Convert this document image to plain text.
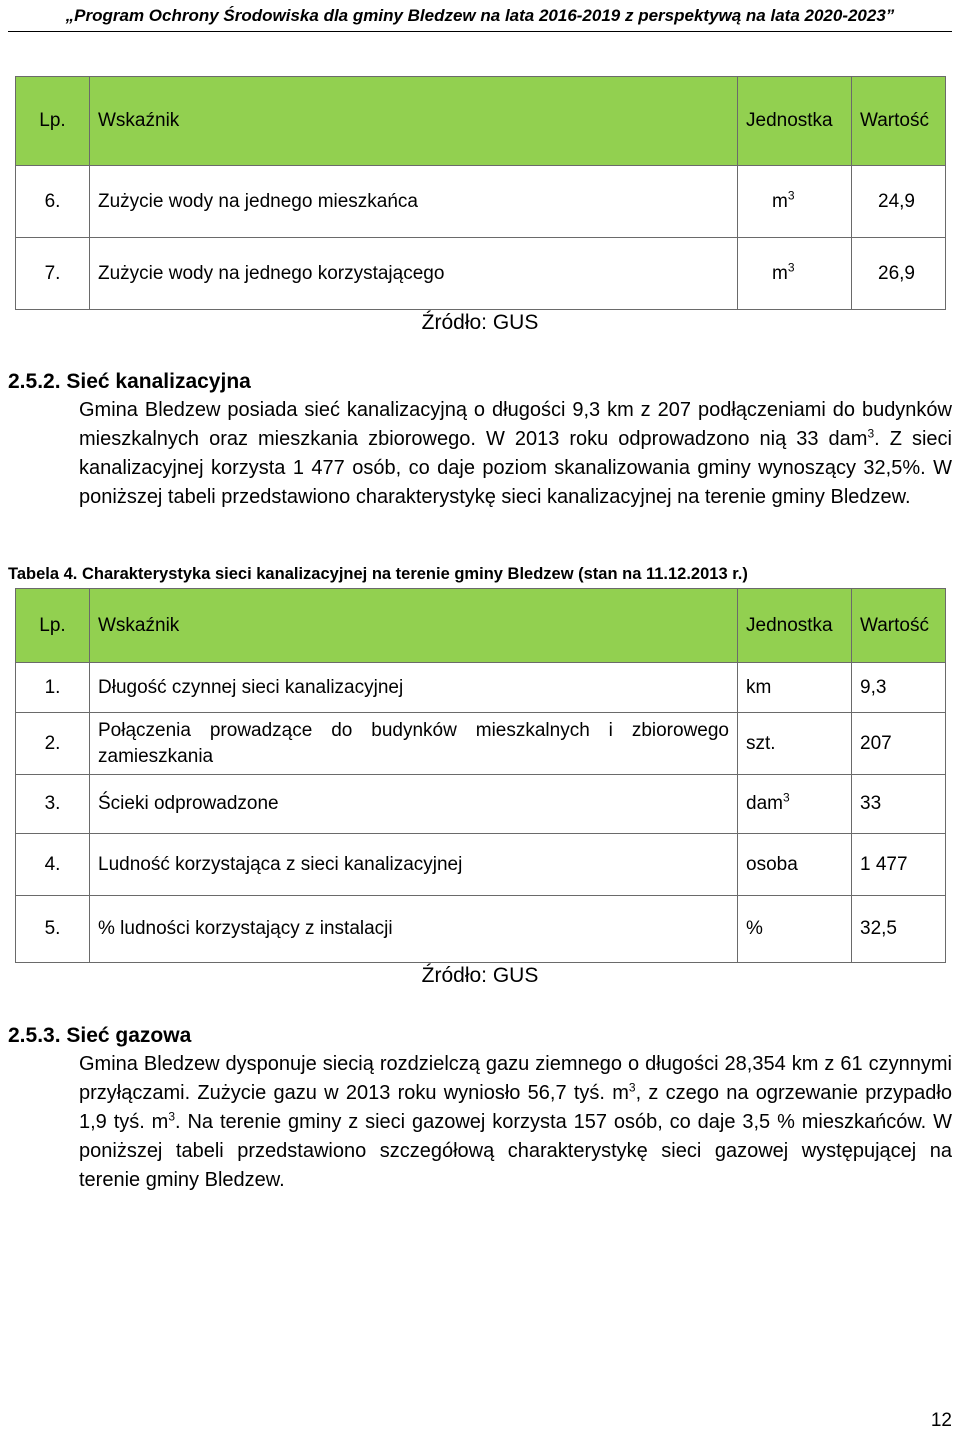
„Program Ochrony Środowiska dla gminy Bledzew na lata 2016-2019 z perspektywą na lata 2020-2023”
Lp.	Wskaźnik	Jednostka	Wartość
6.	Zużycie wody na jednego mieszkańca	$m^3$	24,9
7.	Zużycie wody na jednego korzystającego	$m^3$	26,9
Źródło: GUS
2.5.2. Sieć kanalizacyjna
Gmina Bledzew posiada sieć kanalizacyjną o długości 9,3 km z 207 podłączeniami do budynków mieszkalnych oraz mieszkania zbiorowego. W 2013 roku odprowadzono nią 33 dam$^3$. Z sieci kanalizacyjnej korzysta 1 477 osób, co daje poziom skanalizowania gminy wynoszący 32,5%. W poniższej tabeli przedstawiono charakterystykę sieci kanalizacyjnej na terenie gminy Bledzew.
Tabela 4. Charakterystyka sieci kanalizacyjnej na terenie gminy Bledzew (stan na 11.12.2013 r.)
Lp.	Wskaźnik	Jednostka	Wartość
1.	Długość czynnej sieci kanalizacyjnej	km	9,3
2.	Połączenia prowadzące do budynków mieszkalnych i zbiorowego zamieszkania	szt.	207
3.	Ścieki odprowadzone	dam$^3$	33
4.	Ludność korzystająca z sieci kanalizacyjnej	osoba	1 477
5.	% ludności korzystający z instalacji	%	32,5
Źródło: GUS
2.5.3. Sieć gazowa
Gmina Bledzew dysponuje siecią rozdzielczą gazu ziemnego o długości 28,354 km z 61 czynnymi przyłączami. Zużycie gazu w 2013 roku wyniosło 56,7 tyś. $m^3$, z czego na ogrzewanie przypadło 1,9 tyś. $m^3$. Na terenie gminy z sieci gazowej korzysta 157 osób, co daje 3,5 % mieszkańców. W poniższej tabeli przedstawiono szczegółową charakterystykę sieci gazowej występującej na terenie gminy Bledzew.
12
